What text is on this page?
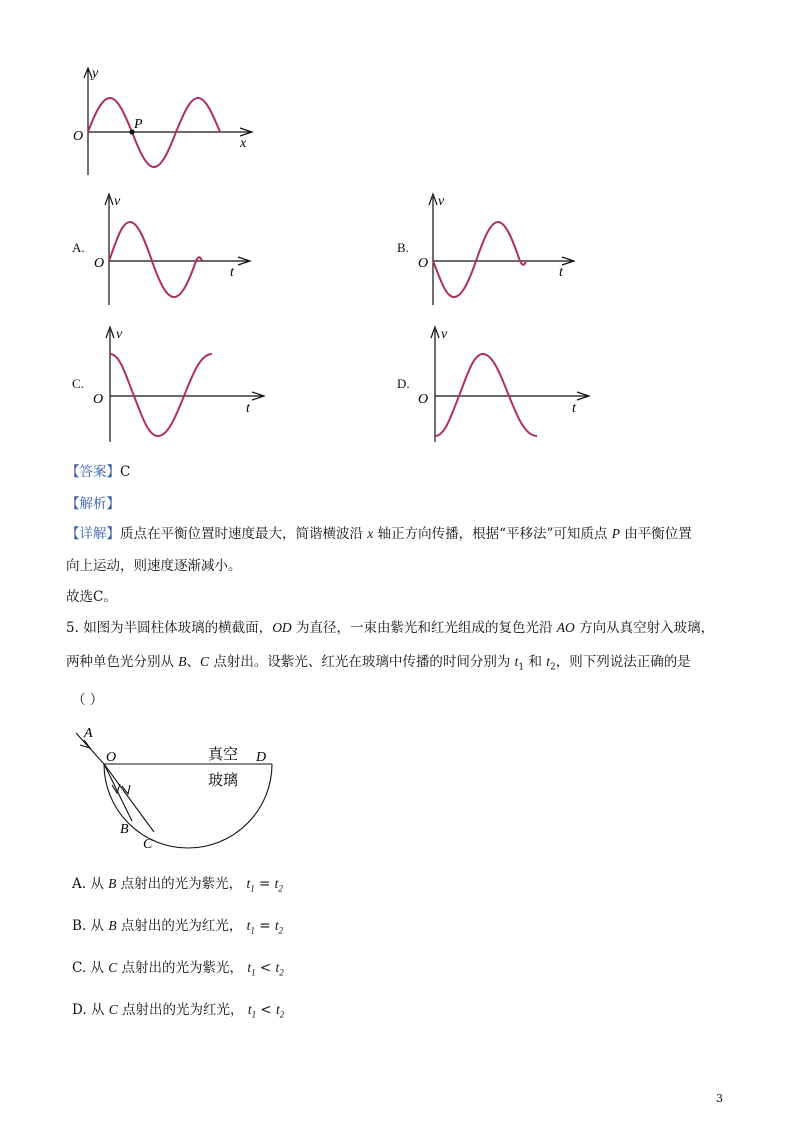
y
x
O
P
A.
v
O
t
B.
v
O
t
C.
v
O
t
D.
v
O
t
【答案】C
【解析】
【详解】质点在平衡位置时速度最大，简谐横波沿 x 轴正方向传播，根据“平移法”可知质点 P 由平衡位置
向上运动，则速度逐渐减小。
故选C。
5. 如图为半圆柱体玻璃的横截面，OD 为直径，一束由紫光和红光组成的复色光沿 AO 方向从真空射入玻璃，
两种单色光分别从 B、C 点射出。设紫光、红光在玻璃中传播的时间分别为 $t_1$ 和 $t_2$，则下列说法正确的是
（ ）
A
O	D
B
C
真空
玻璃
A. 从 B 点射出的光为紫光， $t_1 = t_2$
B. 从 B 点射出的光为红光， $t_1 = t_2$
C. 从 C 点射出的光为紫光， $t_1 < t_2$
D. 从 C 点射出的光为红光， $t_1 < t_2$
3
